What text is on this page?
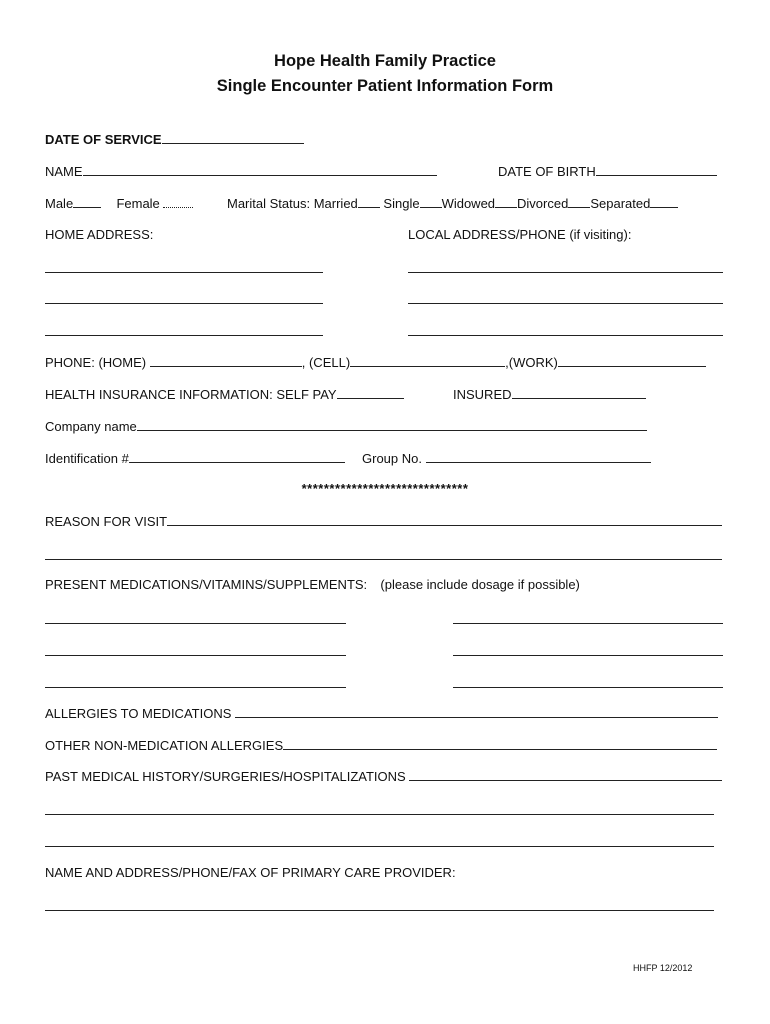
Hope Health Family Practice
Single Encounter Patient Information Form
DATE OF SERVICE
NAME	DATE OF BIRTH
Male	Female	Marital Status: Married Single Widowed Divorced Separated
HOME ADDRESS:	LOCAL ADDRESS/PHONE (if visiting):
PHONE: (HOME)	, (CELL)	,(WORK)
HEALTH INSURANCE INFORMATION: SELF PAY	INSURED
Company name
Identification #	Group No.
******************************
REASON FOR VISIT
PRESENT MEDICATIONS/VITAMINS/SUPPLEMENTS: (please include dosage if possible)
ALLERGIES TO MEDICATIONS
OTHER NON-MEDICATION ALLERGIES
PAST MEDICAL HISTORY/SURGERIES/HOSPITALIZATIONS
NAME AND ADDRESS/PHONE/FAX OF PRIMARY CARE PROVIDER:
HHFP 12/2012
